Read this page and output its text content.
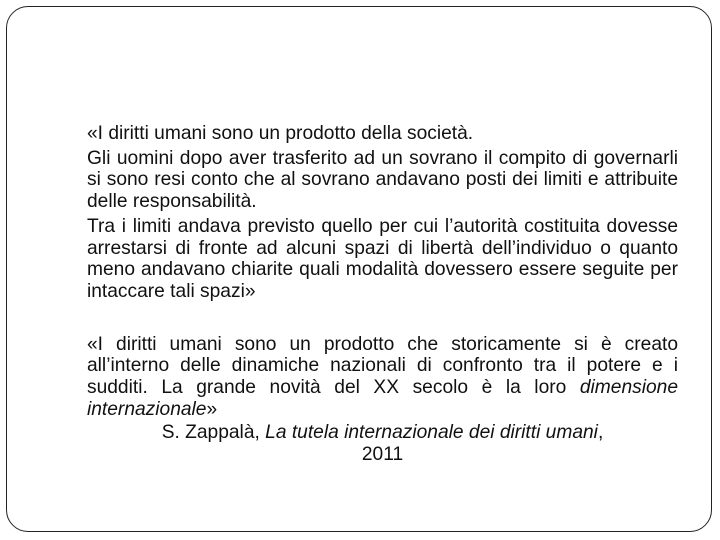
«I diritti umani sono un prodotto della società.

Gli uomini dopo aver trasferito ad un sovrano il compito di governarli si sono resi conto che al sovrano andavano posti dei limiti e attribuite delle responsabilità.

Tra i limiti andava previsto quello per cui l’autorità costituita dovesse arrestarsi di fronte ad alcuni spazi di libertà dell’individuo o quanto meno andavano chiarite quali modalità dovessero essere seguite per intaccare tali spazi»

«I diritti umani sono un prodotto che storicamente si è creato all’interno delle dinamiche nazionali di confronto tra il potere e i sudditi. La grande novità del XX secolo è la loro dimensione internazionale»

S. Zappalà, La tutela internazionale dei diritti umani,
2011
